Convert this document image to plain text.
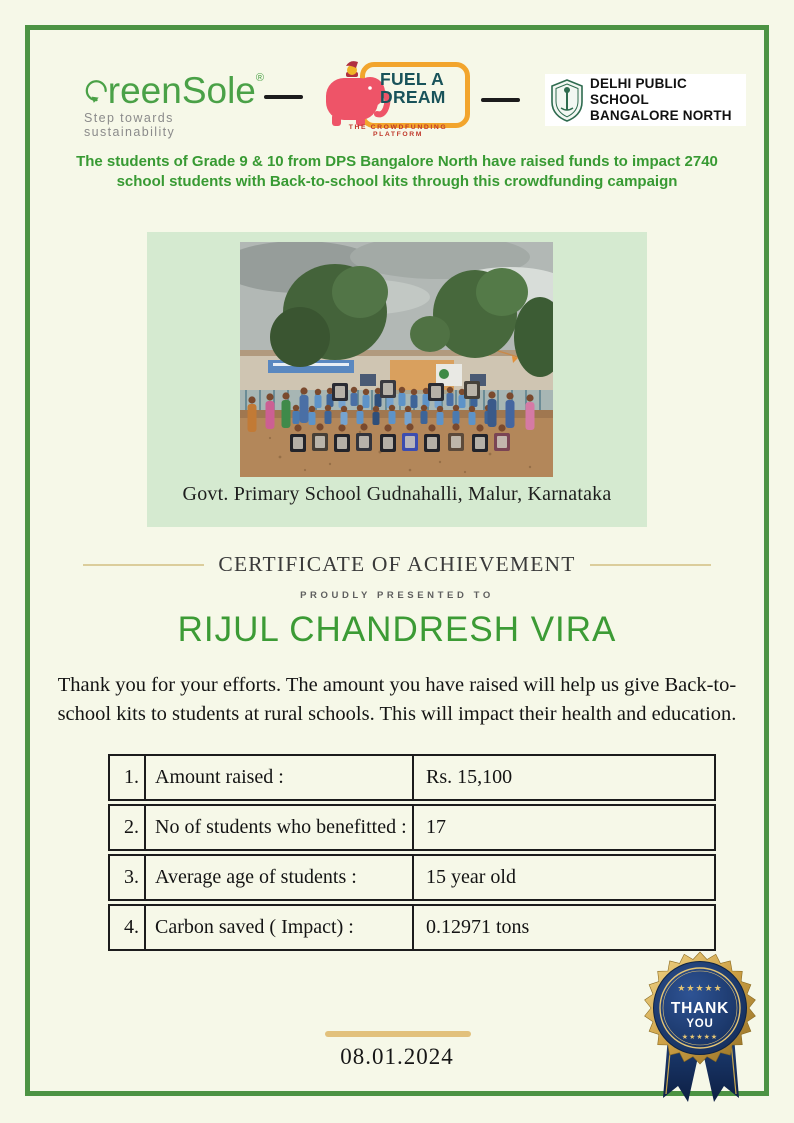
reenSole®
Step towards sustainability
FUEL A
DREAM
THE CROWDFUNDING PLATFORM
DELHI PUBLIC SCHOOL
BANGALORE NORTH
The students of Grade 9 & 10 from DPS Bangalore North have raised funds to impact 2740 school students with Back-to-school kits through this crowdfunding campaign
Govt. Primary School Gudnahalli, Malur, Karnataka
CERTIFICATE OF ACHIEVEMENT
PROUDLY PRESENTED TO
RIJUL CHANDRESH VIRA
Thank you for your efforts. The amount you have raised will help us give Back-to-school kits to students at rural schools. This will impact their health and education.
1. Amount raised :	Rs. 15,100
2. No of students who benefitted : 17
3. Average age of students :	15 year old
4. Carbon saved ( Impact) :	0.12971 tons
08.01.2024
★★★★★
THANK
YOU
★★★★★
